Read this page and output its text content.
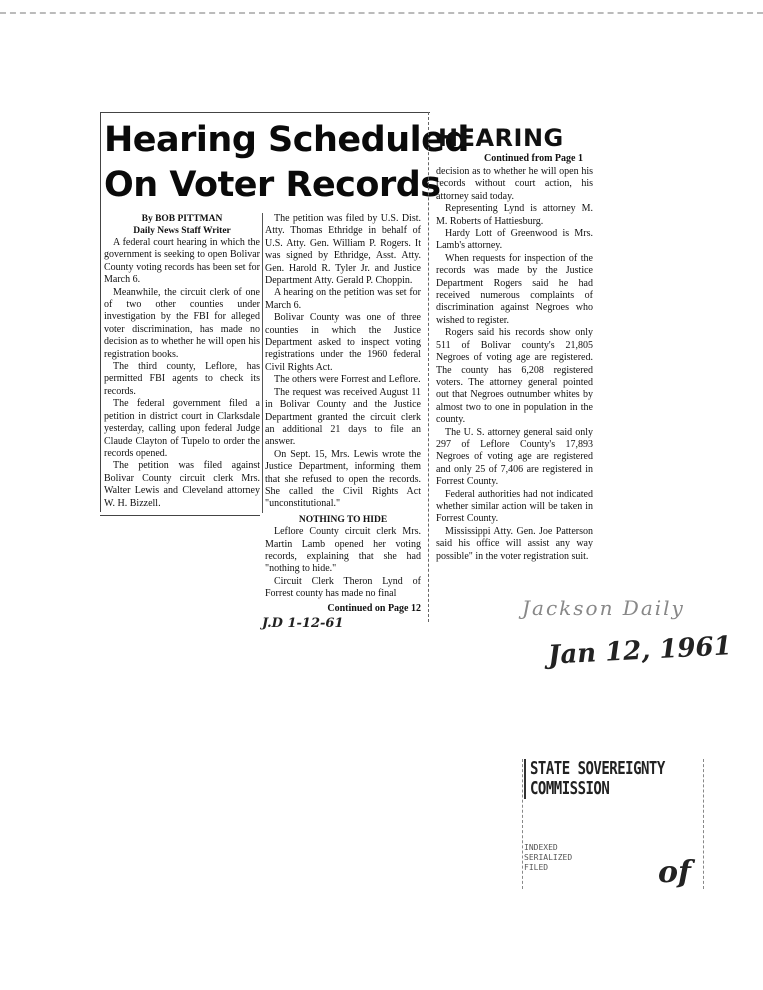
Hearing Scheduled
On Voter Records

By BOB PITTMAN

Daily News Staff Writer

A federal court hearing in which the government is seeking to open Bolivar County voting records has been set for March 6.

Meanwhile, the circuit clerk of one of two other counties under investigation by the FBI for alleged voter discrimination, has made no decision as to whether he will open his registration books.

The third county, Leflore, has permitted FBI agents to check its records.

The federal government filed a petition in district court in Clarksdale yesterday, calling upon federal Judge Claude Clayton of Tupelo to order the records opened.

The petition was filed against Bolivar County circuit clerk Mrs. Walter Lewis and Cleveland attorney W. H. Bizzell.

The petition was filed by U.S. Dist. Atty. Thomas Ethridge in behalf of U.S. Atty. Gen. William P. Rogers. It was signed by Ethridge, Asst. Atty. Gen. Harold R. Tyler Jr. and Justice Department Atty. Gerald P. Choppin.

A hearing on the petition was set for March 6.

Bolivar County was one of three counties in which the Justice Department asked to inspect voting registrations under the 1960 federal Civil Rights Act.

The others were Forrest and Leflore.

The request was received August 11 in Bolivar County and the Justice Department granted the circuit clerk an additional 21 days to file an answer.

On Sept. 15, Mrs. Lewis wrote the Justice Department, informing them that she refused to open the records. She called the Civil Rights Act "unconstitutional."

NOTHING TO HIDE

Leflore County circuit clerk Mrs. Martin Lamb opened her voting records, explaining that she had "nothing to hide."

Circuit Clerk Theron Lynd of Forrest county has made no final

Continued on Page 12

HEARING
Continued from Page 1

decision as to whether he will open his records without court action, his attorney said today.

Representing Lynd is attorney M. M. Roberts of Hattiesburg.

Hardy Lott of Greenwood is Mrs. Lamb's attorney.

When requests for inspection of the records was made by the Justice Department Rogers said he had received numerous complaints of discrimination against Negroes who wished to register.

Rogers said his records show only 511 of Bolivar county's 21,805 Negroes of voting age are registered. The county has 6,208 registered voters. The attorney general pointed out that Negroes outnumber whites by almost two to one in population in the county.

The U. S. attorney general said only 297 of Leflore County's 17,893 Negroes of voting age are registered and only 25 of 7,406 are registered in Forrest County.

Federal authorities had not indicated whether similar action will be taken in Forrest County.

Mississippi Atty. Gen. Joe Patterson said his office will assist any way possible" in the voter registration suit.

J.D 1-12-61
Jackson Daily
Jan 12, 1961
STATE SOVEREIGNTY COMMISSION
INDEXED
SERIALIZED
FILED	of
